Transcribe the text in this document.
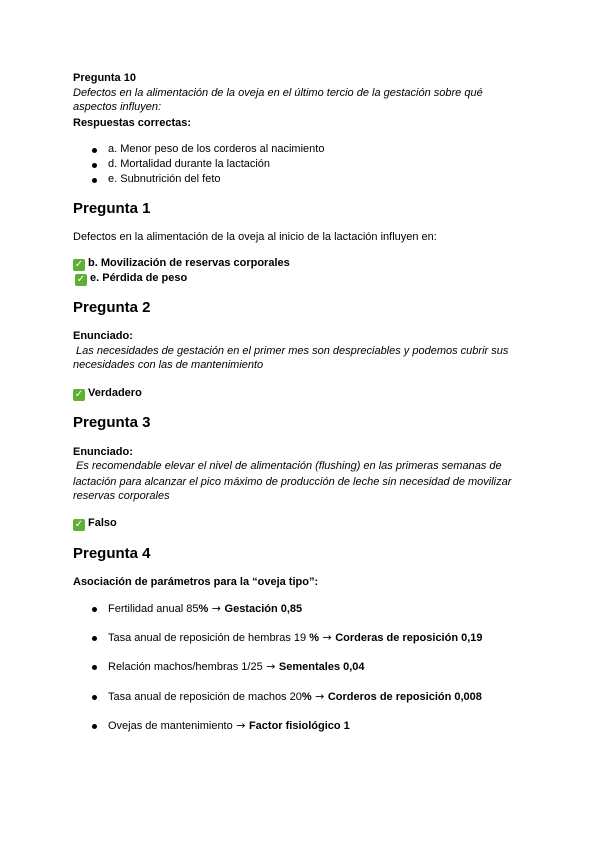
Pregunta 10
Defectos en la alimentación de la oveja en el último tercio de la gestación sobre qué
aspectos influyen:
Respuestas correctas:
a. Menor peso de los corderos al nacimiento
d. Mortalidad durante la lactación
e. Subnutrición del feto
Pregunta 1
Defectos en la alimentación de la oveja al inicio de la lactación influyen en:
✓ b. Movilización de reservas corporales
✓ e. Pérdida de peso
Pregunta 2
Enunciado:
Las necesidades de gestación en el primer mes son despreciables y podemos cubrir sus
necesidades con las de mantenimiento
✓ Verdadero
Pregunta 3
Enunciado:
Es recomendable elevar el nivel de alimentación (flushing) en las primeras semanas de
lactación para alcanzar el pico máximo de producción de leche sin necesidad de movilizar
reservas corporales
✓ Falso
Pregunta 4
Asociación de parámetros para la “oveja tipo”:
Fertilidad anual 85% → Gestación 0,85
Tasa anual de reposición de hembras 19 % → Corderas de reposición 0,19
Relación machos/hembras 1/25 → Sementales 0,04
Tasa anual de reposición de machos 20% → Corderos de reposición 0,008
Ovejas de mantenimiento → Factor fisiológico 1
